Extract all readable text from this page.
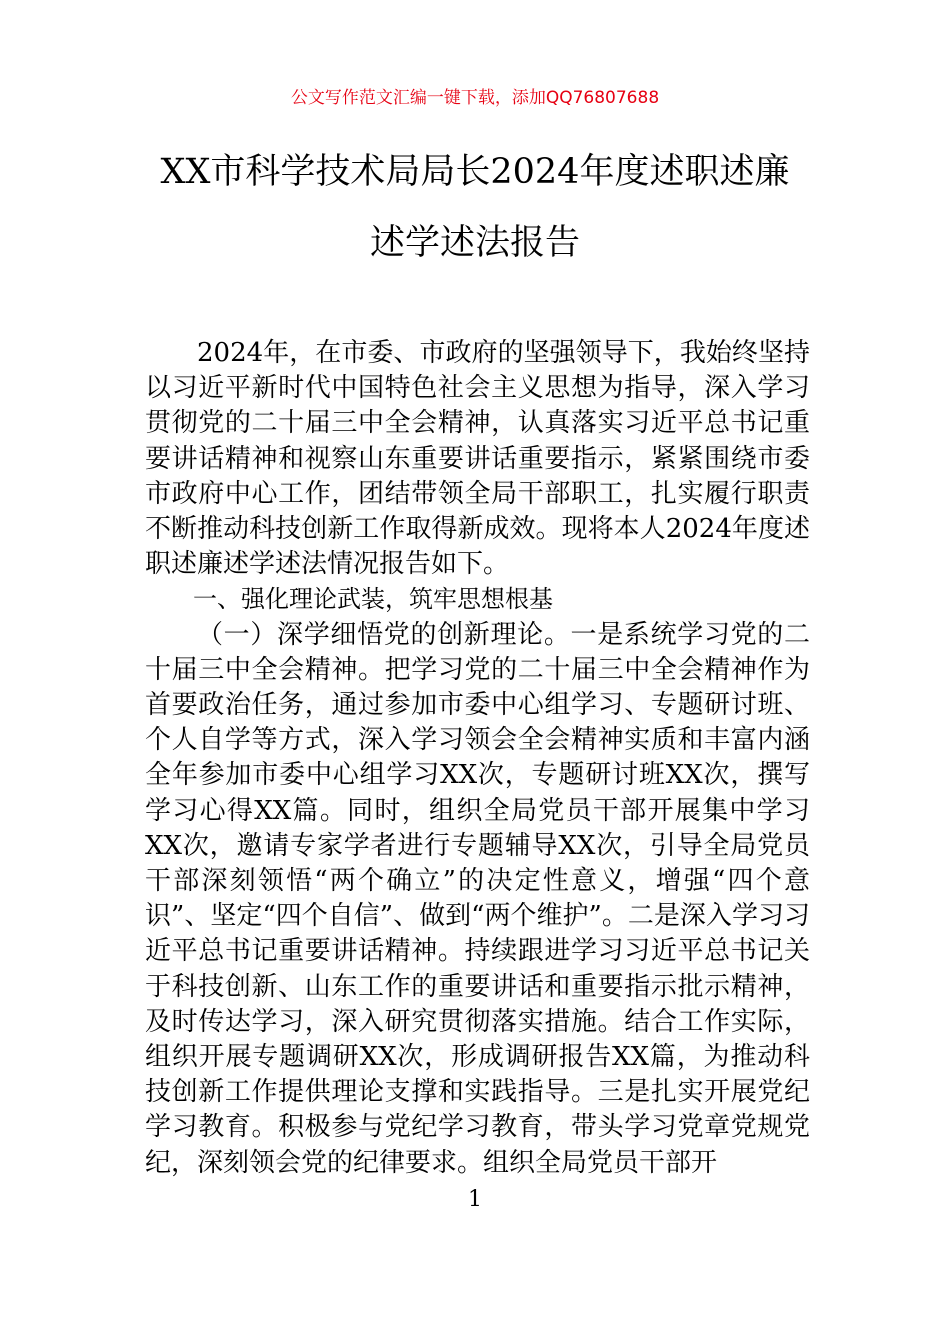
公文写作范文汇编一键下载，添加QQ76807688
XX市科学技术局局长2024年度述职述廉
述学述法报告

2024年，在市委、市政府的坚强领导下，我始终坚持以习近平新时代中国特色社会主义思想为指导，深入学习贯彻党的二十届三中全会精神，认真落实习近平总书记重要讲话精神和视察山东重要讲话重要指示，紧紧围绕市委市政府中心工作，团结带领全局干部职工，扎实履行职责不断推动科技创新工作取得新成效。现将本人2024年度述职述廉述学述法情况报告如下。

一、强化理论武装，筑牢思想根基

（一）深学细悟党的创新理论。一是系统学习党的二十届三中全会精神。把学习党的二十届三中全会精神作为首要政治任务，通过参加市委中心组学习、专题研讨班、个人自学等方式，深入学习领会全会精神实质和丰富内涵全年参加市委中心组学习XX次，专题研讨班XX次，撰写学习心得XX篇。同时，组织全局党员干部开展集中学习XX次，邀请专家学者进行专题辅导XX次，引导全局党员干部深刻领悟“两个确立”的决定性意义，增强“四个意识”、坚定“四个自信”、做到“两个维护”。二是深入学习习近平总书记重要讲话精神。持续跟进学习习近平总书记关于科技创新、山东工作的重要讲话和重要指示批示精神，及时传达学习，深入研究贯彻落实措施。结合工作实际，组织开展专题调研XX次，形成调研报告XX篇，为推动科技创新工作提供理论支撑和实践指导。三是扎实开展党纪学习教育。积极参与党纪学习教育，带头学习党章党规党纪，深刻领会党的纪律要求。组织全局党员干部开

1
